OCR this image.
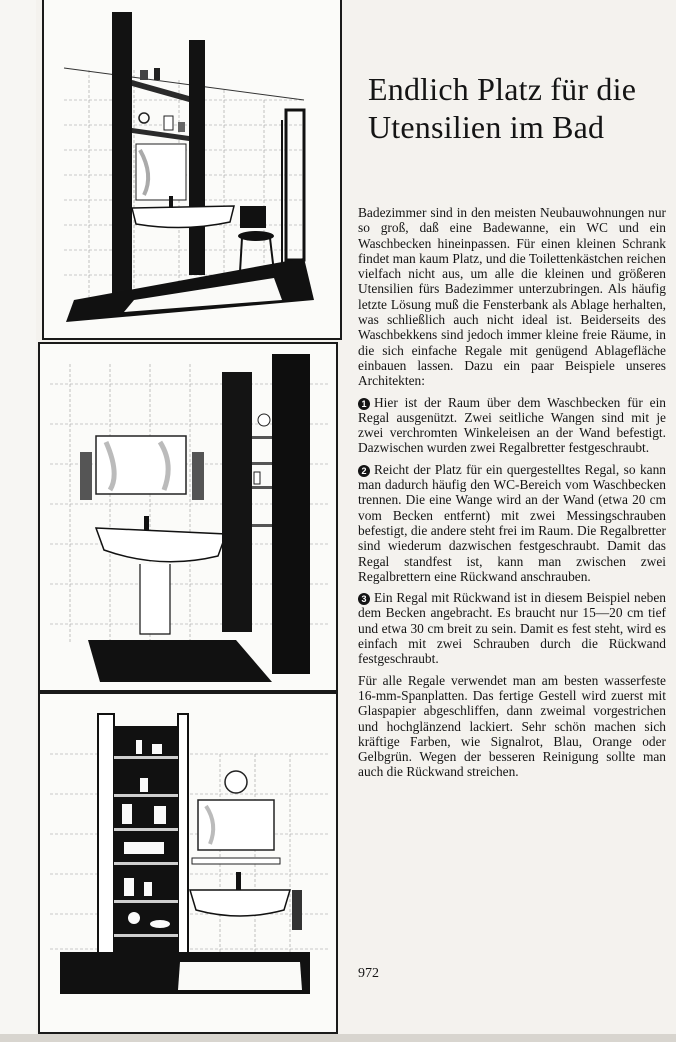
Endlich Platz für die Utensilien im Bad

Badezimmer sind in den meisten Neubauwohnungen nur so groß, daß eine Badewanne, ein WC und ein Waschbecken hineinpassen. Für einen kleinen Schrank findet man kaum Platz, und die Toilettenkästchen reichen vielfach nicht aus, um alle die kleinen und größeren Utensilien fürs Badezimmer unterzubringen. Als häufig letzte Lösung muß die Fensterbank als Ablage herhalten, was schließlich auch nicht ideal ist. Beiderseits des Waschbekkens sind jedoch immer kleine freie Räume, in die sich einfache Regale mit genügend Ablagefläche einbauen lassen. Dazu ein paar Beispiele unseres Architekten:

1 Hier ist der Raum über dem Waschbecken für ein Regal ausgenützt. Zwei seitliche Wangen sind mit je zwei verchromten Winkeleisen an der Wand befestigt. Dazwischen wurden zwei Regalbretter festgeschraubt.

2 Reicht der Platz für ein quergestelltes Regal, so kann man dadurch häufig den WC-Bereich vom Waschbecken trennen. Die eine Wange wird an der Wand (etwa 20 cm vom Becken entfernt) mit zwei Messingschrauben befestigt, die andere steht frei im Raum. Die Regalbretter sind wiederum dazwischen festgeschraubt. Damit das Regal standfest ist, kann man zwischen zwei Regalbrettern eine Rückwand anschrauben.

3 Ein Regal mit Rückwand ist in diesem Beispiel neben dem Becken angebracht. Es braucht nur 15—20 cm tief und etwa 30 cm breit zu sein. Damit es fest steht, wird es einfach mit zwei Schrauben durch die Rückwand festgeschraubt.

Für alle Regale verwendet man am besten wasserfeste 16-mm-Spanplatten. Das fertige Gestell wird zuerst mit Glaspapier abgeschliffen, dann zweimal vorgestrichen und hochglänzend lackiert. Sehr schön machen sich kräftige Farben, wie Signalrot, Blau, Orange oder Gelbgrün. Wegen der besseren Reinigung sollte man auch die Rückwand streichen.

972
